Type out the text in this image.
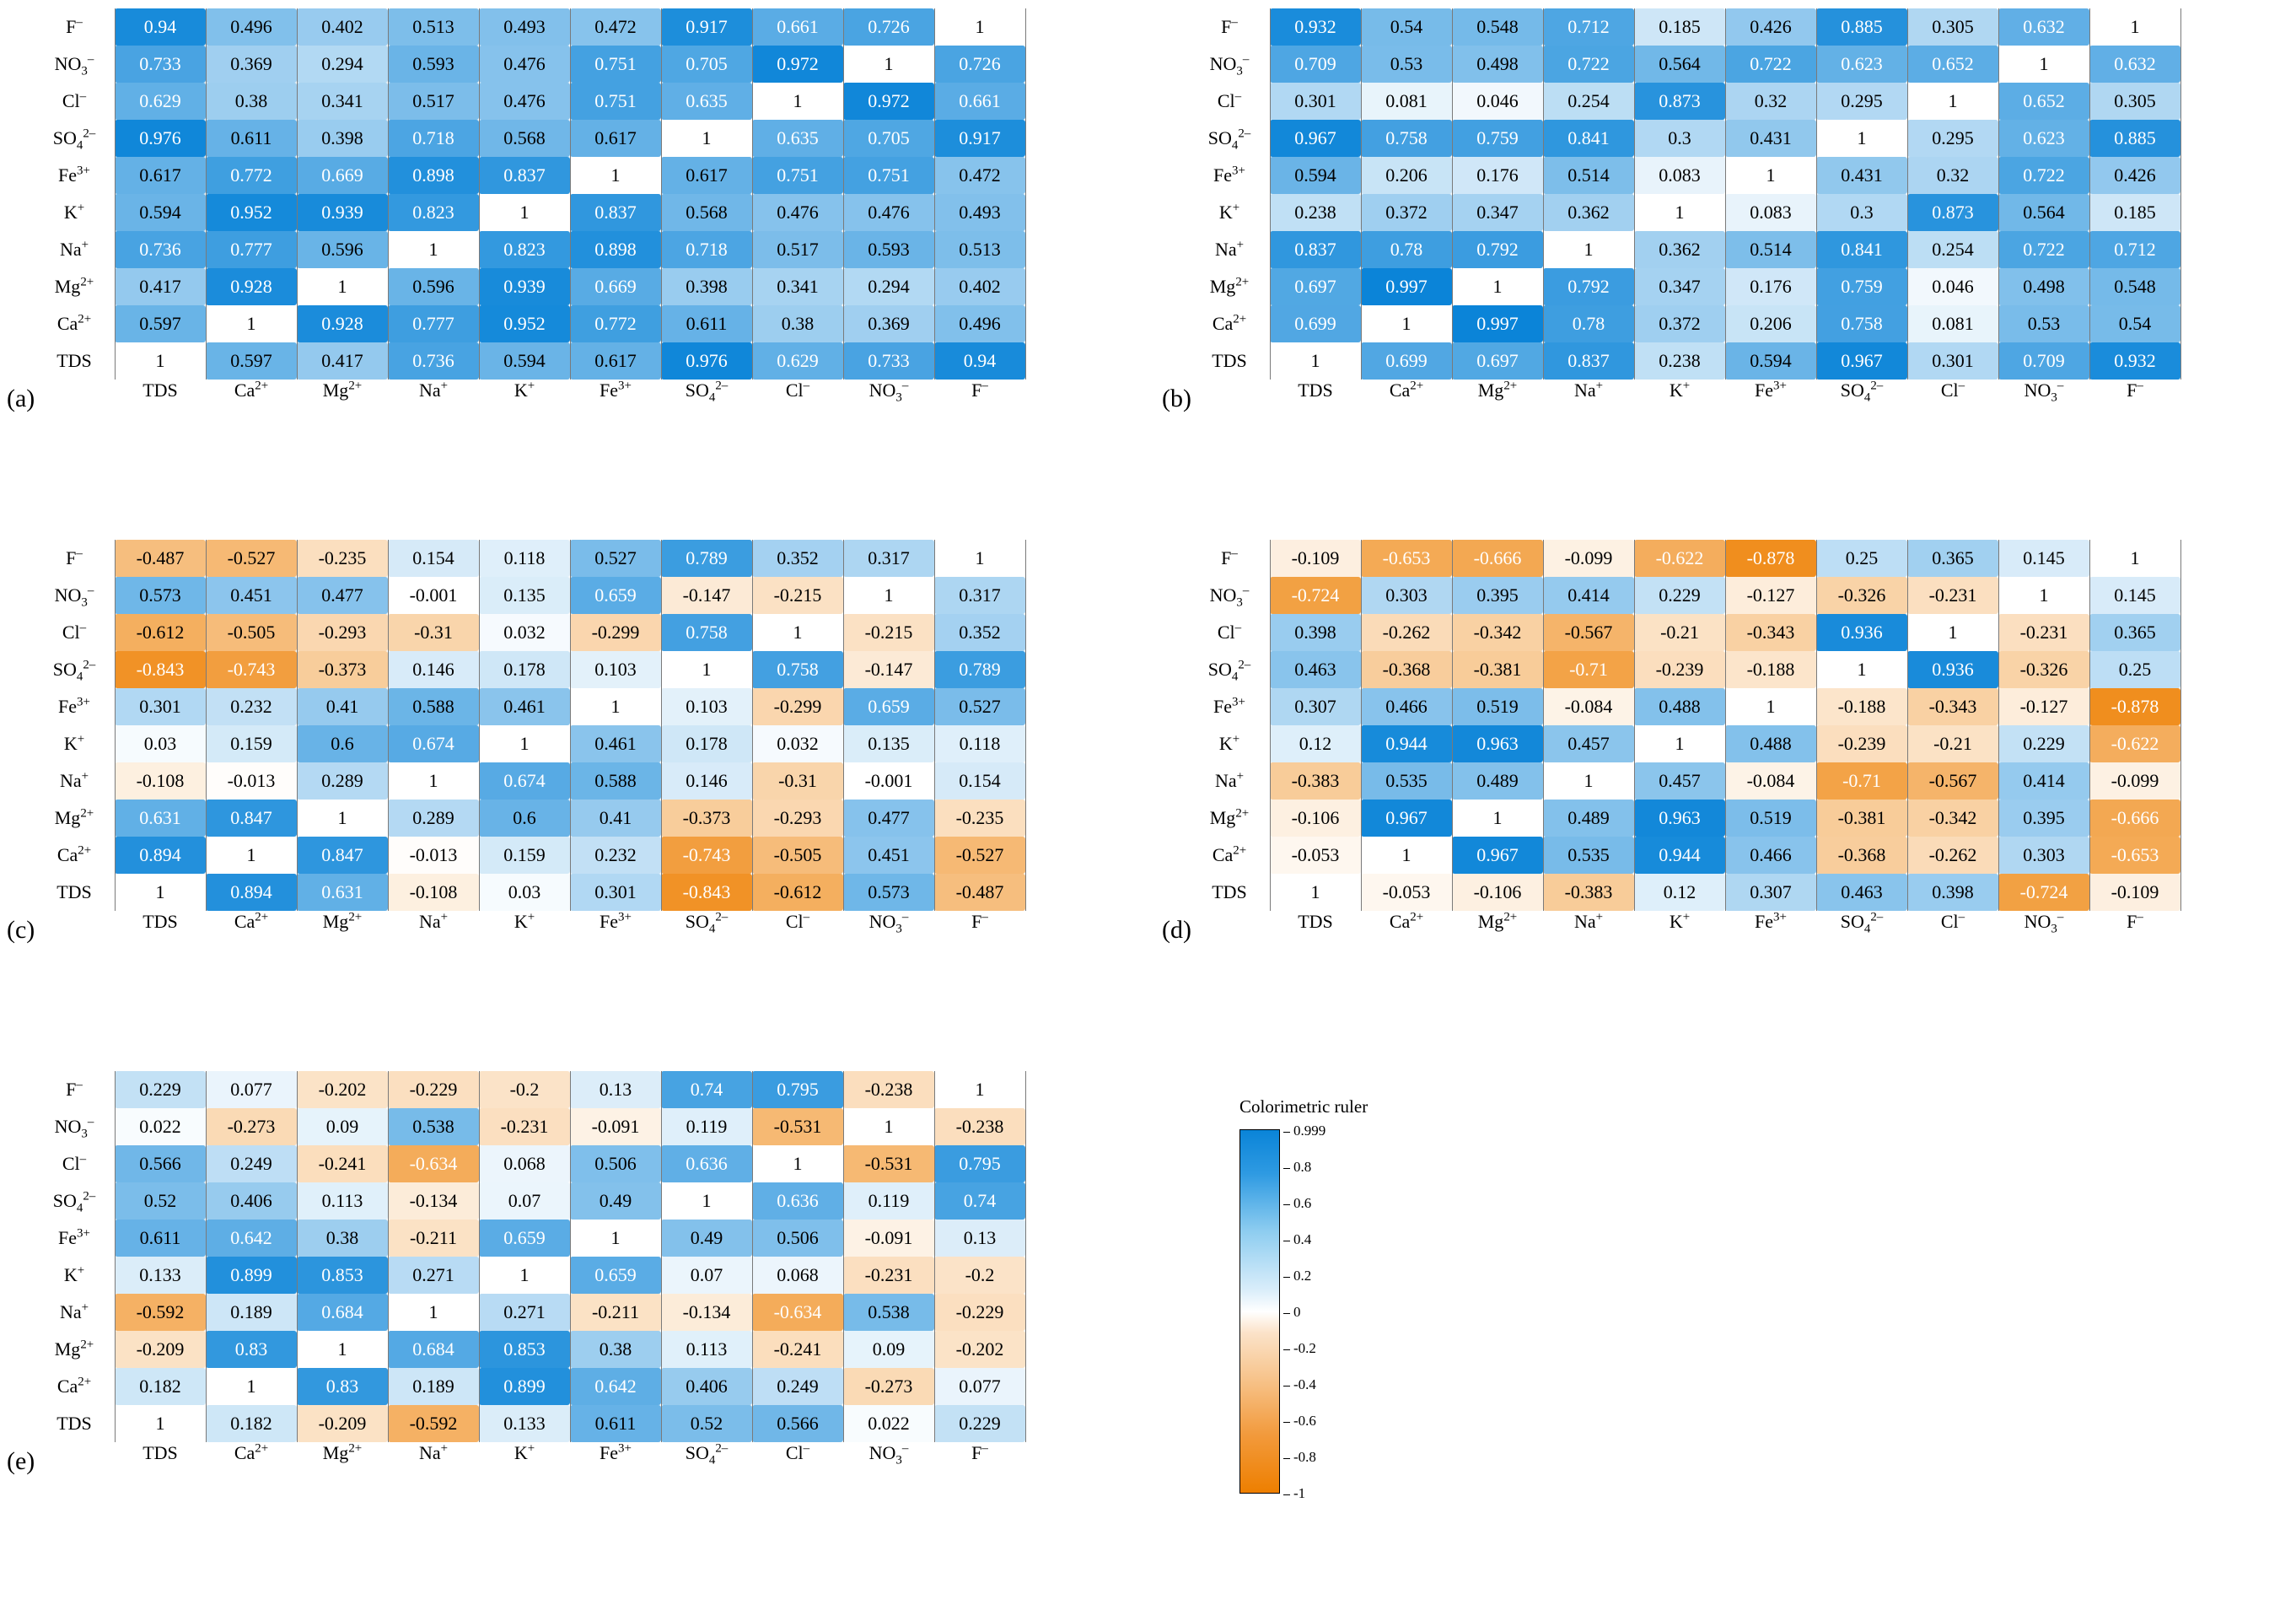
F–	0.94	0.496	0.402	0.513	0.493	0.472	0.917	0.661	0.726	1

$NO_3^-$	0.733	0.369	0.294	0.593	0.476	0.751	0.705	0.972	1	0.726

Cl–	0.629	0.38	0.341	0.517	0.476	0.751	0.635	1	0.972	0.661

$SO_4^{2-}$	0.976	0.611	0.398	0.718	0.568	0.617	1	0.635	0.705	0.917

$Fe^{3+}$	0.617	0.772	0.669	0.898	0.837	1	0.617	0.751	0.751	0.472

K+	0.594	0.952	0.939	0.823	1	0.837	0.568	0.476	0.476	0.493

Na+	0.736	0.777	0.596	1	0.823	0.898	0.718	0.517	0.593	0.513

$Mg^{2+}$	0.417	0.928	1	0.596	0.939	0.669	0.398	0.341	0.294	0.402

$Ca^{2+}$	0.597	1	0.928	0.777	0.952	0.772	0.611	0.38	0.369	0.496

TDS	1	0.597	0.417	0.736	0.594	0.617	0.976	0.629	0.733	0.94

	TDS	$Ca^{2+}$	$Mg^{2+}$	Na+	K+	$Fe^{3+}$	$SO_4^{2-}$	Cl–	$NO_3^-$	F–
(a)
F–	0.932	0.54	0.548	0.712	0.185	0.426	0.885	0.305	0.632	1

$NO_3^-$	0.709	0.53	0.498	0.722	0.564	0.722	0.623	0.652	1	0.632

Cl–	0.301	0.081	0.046	0.254	0.873	0.32	0.295	1	0.652	0.305

$SO_4^{2-}$	0.967	0.758	0.759	0.841	0.3	0.431	1	0.295	0.623	0.885

$Fe^{3+}$	0.594	0.206	0.176	0.514	0.083	1	0.431	0.32	0.722	0.426

K+	0.238	0.372	0.347	0.362	1	0.083	0.3	0.873	0.564	0.185

Na+	0.837	0.78	0.792	1	0.362	0.514	0.841	0.254	0.722	0.712

$Mg^{2+}$	0.697	0.997	1	0.792	0.347	0.176	0.759	0.046	0.498	0.548

$Ca^{2+}$	0.699	1	0.997	0.78	0.372	0.206	0.758	0.081	0.53	0.54

TDS	1	0.699	0.697	0.837	0.238	0.594	0.967	0.301	0.709	0.932

	TDS	$Ca^{2+}$	$Mg^{2+}$	Na+	K+	$Fe^{3+}$	$SO_4^{2-}$	Cl–	$NO_3^-$	F–
(b)
F–	-0.487	-0.527	-0.235	0.154	0.118	0.527	0.789	0.352	0.317	1

$NO_3^-$	0.573	0.451	0.477	-0.001	0.135	0.659	-0.147	-0.215	1	0.317

Cl–	-0.612	-0.505	-0.293	-0.31	0.032	-0.299	0.758	1	-0.215	0.352

$SO_4^{2-}$	-0.843	-0.743	-0.373	0.146	0.178	0.103	1	0.758	-0.147	0.789

$Fe^{3+}$	0.301	0.232	0.41	0.588	0.461	1	0.103	-0.299	0.659	0.527

K+	0.03	0.159	0.6	0.674	1	0.461	0.178	0.032	0.135	0.118

Na+	-0.108	-0.013	0.289	1	0.674	0.588	0.146	-0.31	-0.001	0.154

$Mg^{2+}$	0.631	0.847	1	0.289	0.6	0.41	-0.373	-0.293	0.477	-0.235

$Ca^{2+}$	0.894	1	0.847	-0.013	0.159	0.232	-0.743	-0.505	0.451	-0.527

TDS	1	0.894	0.631	-0.108	0.03	0.301	-0.843	-0.612	0.573	-0.487

	TDS	$Ca^{2+}$	$Mg^{2+}$	Na+	K+	$Fe^{3+}$	$SO_4^{2-}$	Cl–	$NO_3^-$	F–
(c)
F–	-0.109	-0.653	-0.666	-0.099	-0.622	-0.878	0.25	0.365	0.145	1

$NO_3^-$	-0.724	0.303	0.395	0.414	0.229	-0.127	-0.326	-0.231	1	0.145

Cl–	0.398	-0.262	-0.342	-0.567	-0.21	-0.343	0.936	1	-0.231	0.365

$SO_4^{2-}$	0.463	-0.368	-0.381	-0.71	-0.239	-0.188	1	0.936	-0.326	0.25

$Fe^{3+}$	0.307	0.466	0.519	-0.084	0.488	1	-0.188	-0.343	-0.127	-0.878

K+	0.12	0.944	0.963	0.457	1	0.488	-0.239	-0.21	0.229	-0.622

Na+	-0.383	0.535	0.489	1	0.457	-0.084	-0.71	-0.567	0.414	-0.099

$Mg^{2+}$	-0.106	0.967	1	0.489	0.963	0.519	-0.381	-0.342	0.395	-0.666

$Ca^{2+}$	-0.053	1	0.967	0.535	0.944	0.466	-0.368	-0.262	0.303	-0.653

TDS	1	-0.053	-0.106	-0.383	0.12	0.307	0.463	0.398	-0.724	-0.109

	TDS	$Ca^{2+}$	$Mg^{2+}$	Na+	K+	$Fe^{3+}$	$SO_4^{2-}$	Cl–	$NO_3^-$	F–
(d)
F–	0.229	0.077	-0.202	-0.229	-0.2	0.13	0.74	0.795	-0.238	1

$NO_3^-$	0.022	-0.273	0.09	0.538	-0.231	-0.091	0.119	-0.531	1	-0.238

Cl–	0.566	0.249	-0.241	-0.634	0.068	0.506	0.636	1	-0.531	0.795

$SO_4^{2-}$	0.52	0.406	0.113	-0.134	0.07	0.49	1	0.636	0.119	0.74

$Fe^{3+}$	0.611	0.642	0.38	-0.211	0.659	1	0.49	0.506	-0.091	0.13

K+	0.133	0.899	0.853	0.271	1	0.659	0.07	0.068	-0.231	-0.2

Na+	-0.592	0.189	0.684	1	0.271	-0.211	-0.134	-0.634	0.538	-0.229

$Mg^{2+}$	-0.209	0.83	1	0.684	0.853	0.38	0.113	-0.241	0.09	-0.202

$Ca^{2+}$	0.182	1	0.83	0.189	0.899	0.642	0.406	0.249	-0.273	0.077

TDS	1	0.182	-0.209	-0.592	0.133	0.611	0.52	0.566	0.022	0.229

	TDS	$Ca^{2+}$	$Mg^{2+}$	Na+	K+	$Fe^{3+}$	$SO_4^{2-}$	Cl–	$NO_3^-$	F–
(e)
Colorimetric ruler
0.999
0.8
0.6
0.4
0.2
0
-0.2
-0.4
-0.6
-0.8
-1
